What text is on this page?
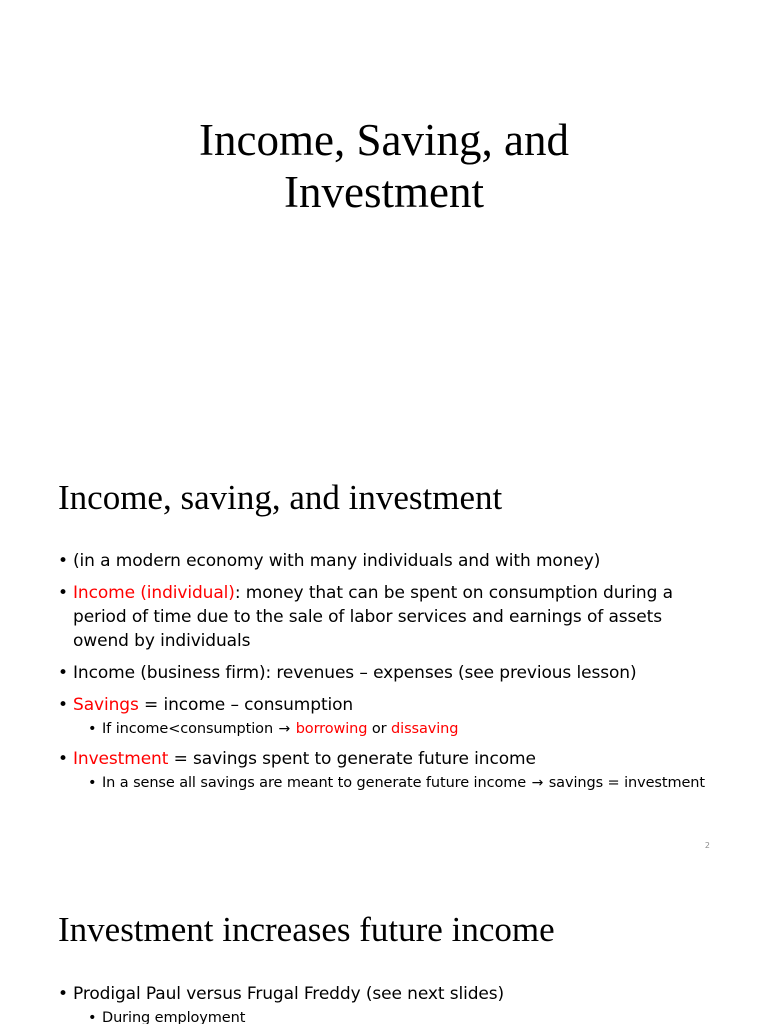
Income, Saving, and
Investment
Income, saving, and investment
• (in a modern economy with many individuals and with money)
• Income (individual): money that can be spent on consumption during a period of time due to the sale of labor services and earnings of assets owend by individuals
• Income (business firm): revenues – expenses (see previous lesson)
• Savings = income – consumption
• If income<consumption → borrowing or dissaving
• Investment = savings spent to generate future income
• In a sense all savings are meant to generate future income → savings = investment
2
Investment increases future income
• Prodigal Paul versus Frugal Freddy (see next slides)
• During employment
